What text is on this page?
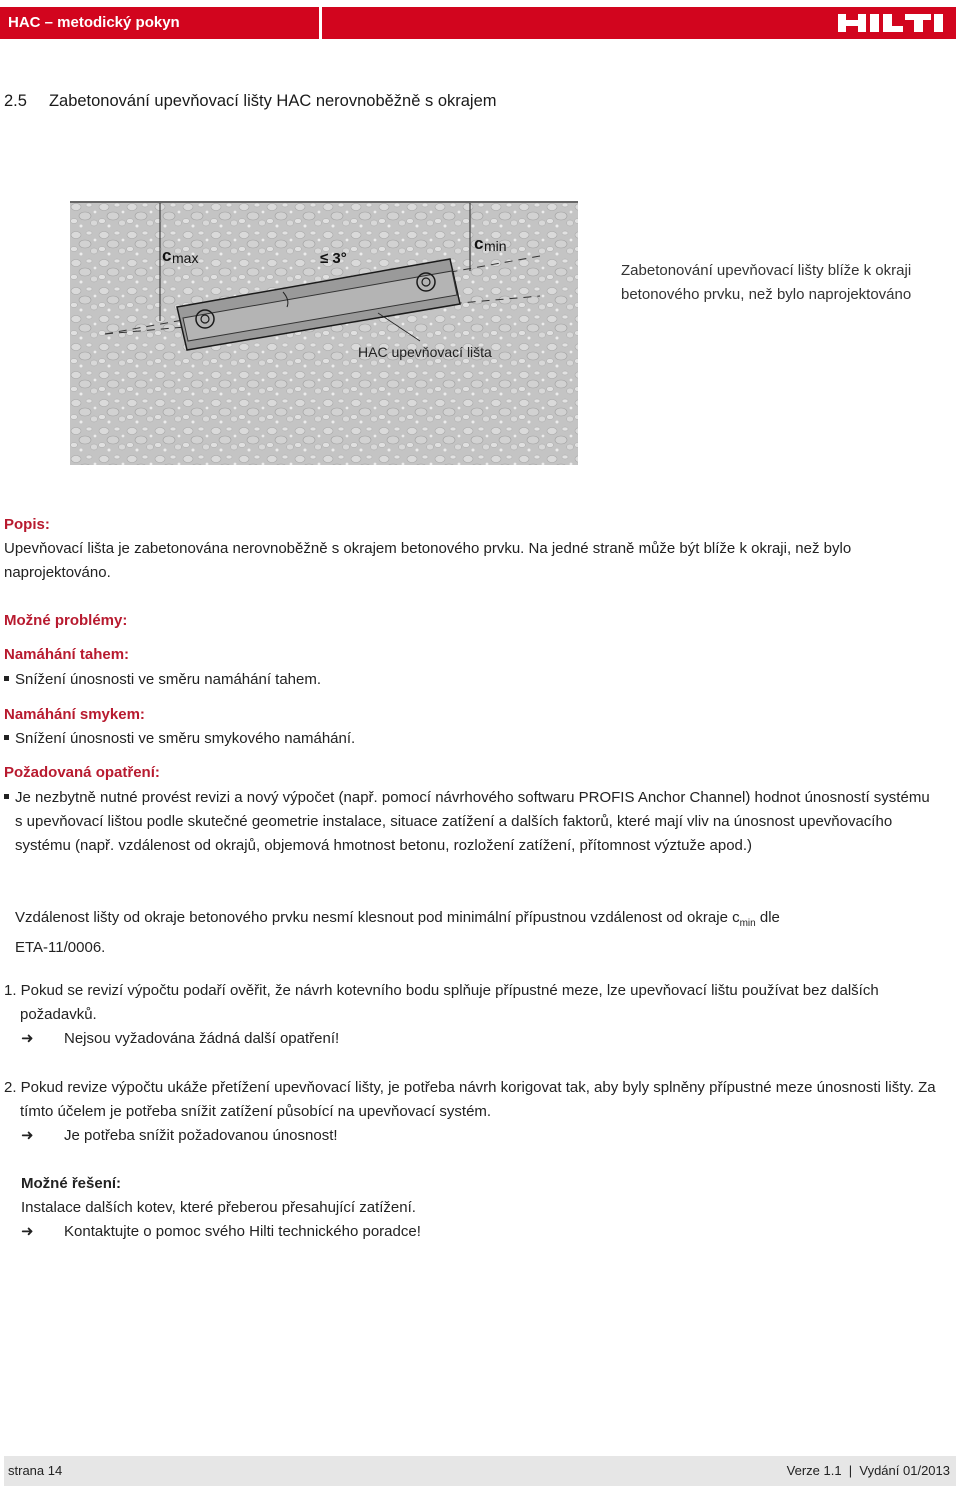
HAC – metodický pokyn
2.5 Zabetonování upevňovací lišty HAC nerovnoběžně s okrajem
c max	≤ 3°
c min
HAC upevňovací lišta
Zabetonování upevňovací lišty blíže k okraji betonového prvku, než bylo naprojektováno
Popis:
Upevňovací lišta je zabetonována nerovnoběžně s okrajem betonového prvku. Na jedné straně může být blíže k okraji, než bylo naprojektováno.
Možné problémy:
Namáhání tahem:
Snížení únosnosti ve směru namáhání tahem.
Namáhání smykem:
Snížení únosnosti ve směru smykového namáhání.
Požadovaná opatření:
Je nezbytně nutné provést revizi a nový výpočet (např. pomocí návrhového softwaru PROFIS Anchor Channel) hodnot únosností systému s upevňovací lištou podle skutečné geometrie instalace, situace zatížení a dalších faktorů, které mají vliv na únosnost upevňovacího systému (např. vzdálenost od okrajů, objemová hmotnost betonu, rozložení zatížení, přítomnost výztuže apod.)
Vzdálenost lišty od okraje betonového prvku nesmí klesnout pod minimální přípustnou vzdálenost od okraje $c_{min}$ dle
ETA-11/0006.
1. Pokud se revizí výpočtu podaří ověřit, že návrh kotevního bodu splňuje přípustné meze, lze upevňovací lištu používat bez dalších požadavků.
➜ Nejsou vyžadována žádná další opatření!
2. Pokud revize výpočtu ukáže přetížení upevňovací lišty, je potřeba návrh korigovat tak, aby byly splněny přípustné meze únosnosti lišty. Za tímto účelem je potřeba snížit zatížení působící na upevňovací systém.
➜ Je potřeba snížit požadovanou únosnost!
Možné řešení:
Instalace dalších kotev, které přeberou přesahující zatížení.
➜ Kontaktujte o pomoc svého Hilti technického poradce!
strana 14	Verze 1.1  |  Vydání 01/2013
